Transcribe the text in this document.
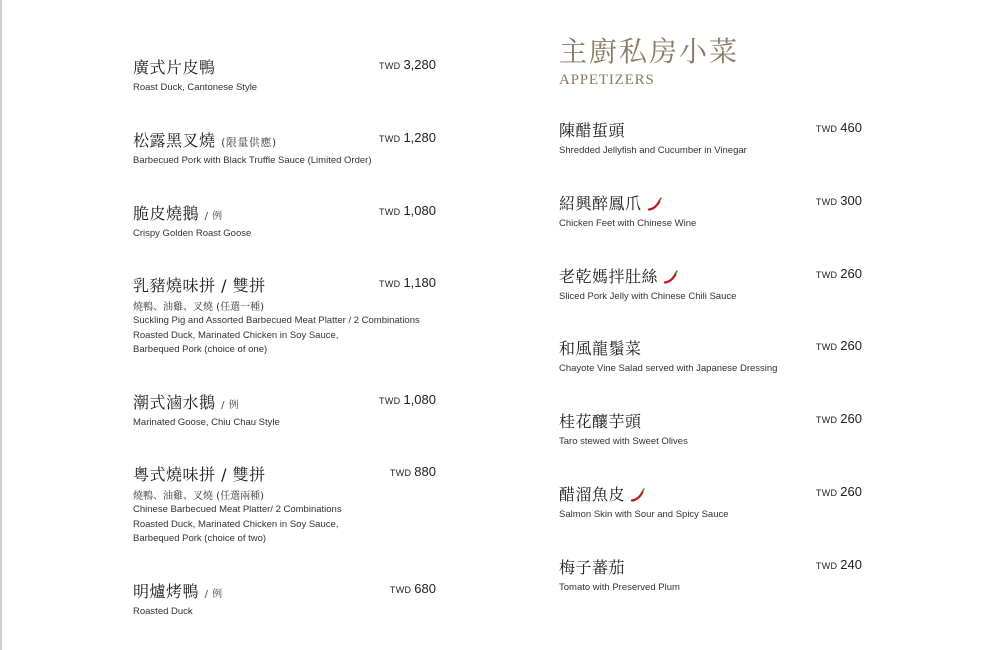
廣式片皮鴨	TWD 3,280
Roast Duck, Cantonese Style
松露黑叉燒 (限量供應)	TWD 1,280
Barbecued Pork with Black Truffle Sauce (Limited Order)
脆皮燒鵝 / 例	TWD 1,080
Crispy Golden Roast Goose
乳豬燒味拼 / 雙拼	TWD 1,180
燒鴨、油雞、叉燒 (任選一種)
Suckling Pig and Assorted Barbecued Meat Platter / 2 Combinations
Roasted Duck, Marinated Chicken in Soy Sauce,
Barbequed Pork (choice of one)
潮式滷水鵝 / 例	TWD 1,080
Marinated Goose, Chiu Chau Style
粵式燒味拼 / 雙拼	TWD 880
燒鴨、油雞、叉燒 (任選兩種)
Chinese Barbecued Meat Platter/ 2 Combinations
Roasted Duck, Marinated Chicken in Soy Sauce,
Barbequed Pork (choice of two)
明爐烤鴨 / 例	TWD 680
Roasted Duck
主廚私房小菜
APPETIZERS
陳醋蜇頭	TWD 460
Shredded Jellyfish and Cucumber in Vinegar
紹興醉鳳爪	TWD 300
Chicken Feet with Chinese Wine
老乾媽拌肚絲	TWD 260
Sliced Pork Jelly with Chinese Chili Sauce
和風龍鬚菜	TWD 260
Chayote Vine Salad served with Japanese Dressing
桂花釀芋頭	TWD 260
Taro stewed with Sweet Olives
醋溜魚皮	TWD 260
Salmon Skin with Sour and Spicy Sauce
梅子蕃茄	TWD 240
Tomato with Preserved Plum
